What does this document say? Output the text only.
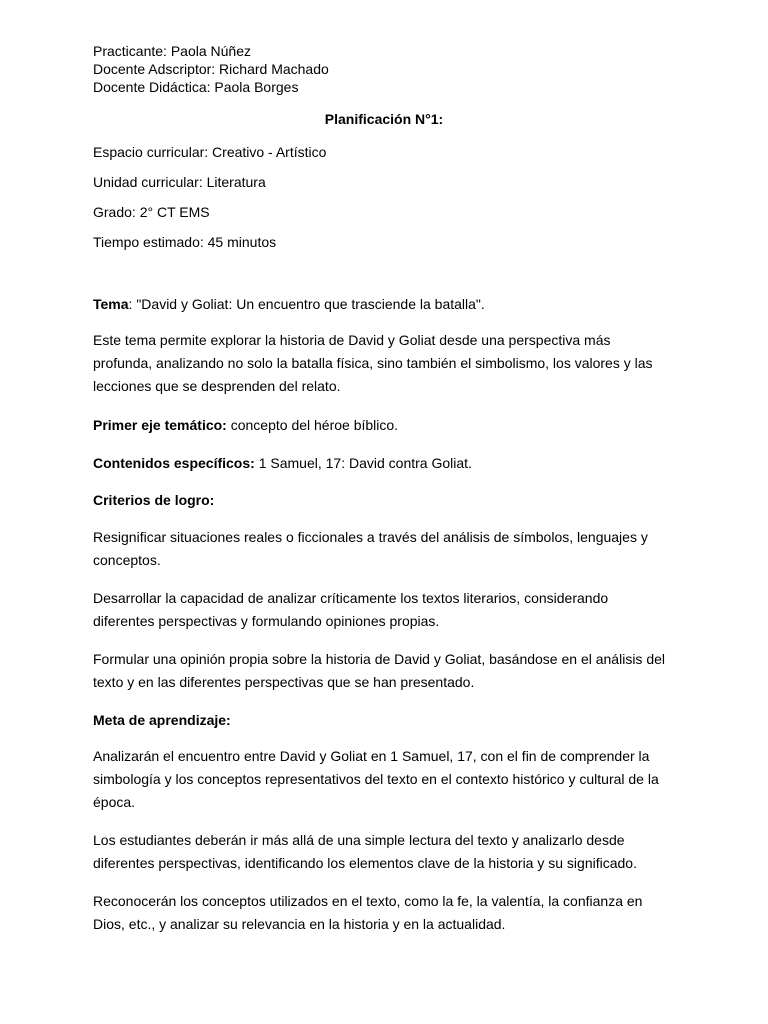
Practicante: Paola Núñez
Docente Adscriptor: Richard Machado
Docente Didáctica: Paola Borges
Planificación N°1:
Espacio curricular: Creativo - Artístico
Unidad curricular: Literatura
Grado: 2° CT EMS
Tiempo estimado: 45 minutos
Tema: "David y Goliat: Un encuentro que trasciende la batalla".
Este tema permite explorar la historia de David y Goliat desde una perspectiva más
profunda, analizando no solo la batalla física, sino también el simbolismo, los valores y las
lecciones que se desprenden del relato.
Primer eje temático: concepto del héroe bíblico.
Contenidos específicos: 1 Samuel, 17: David contra Goliat.
Criterios de logro:
Resignificar situaciones reales o ficcionales a través del análisis de símbolos, lenguajes y
conceptos.
Desarrollar la capacidad de analizar críticamente los textos literarios, considerando
diferentes perspectivas y formulando opiniones propias.
Formular una opinión propia sobre la historia de David y Goliat, basándose en el análisis del
texto y en las diferentes perspectivas que se han presentado.
Meta de aprendizaje:
Analizarán el encuentro entre David y Goliat en 1 Samuel, 17, con el fin de comprender la
simbología y los conceptos representativos del texto en el contexto histórico y cultural de la
época.
Los estudiantes deberán ir más allá de una simple lectura del texto y analizarlo desde
diferentes perspectivas, identificando los elementos clave de la historia y su significado.
Reconocerán los conceptos utilizados en el texto, como la fe, la valentía, la confianza en
Dios, etc., y analizar su relevancia en la historia y en la actualidad.
